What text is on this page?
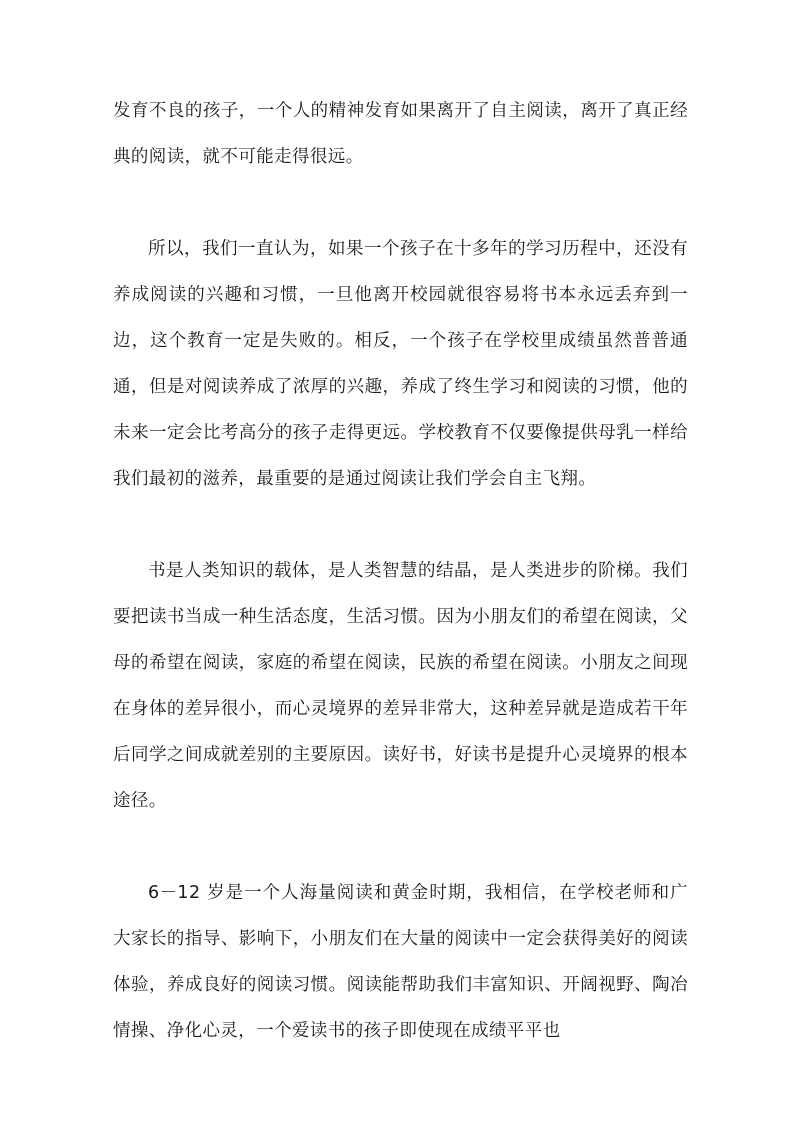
发育不良的孩子，一个人的精神发育如果离开了自主阅读，离开了真正经典的阅读，就不可能走得很远。

所以，我们一直认为，如果一个孩子在十多年的学习历程中，还没有养成阅读的兴趣和习惯，一旦他离开校园就很容易将书本永远丢弃到一边，这个教育一定是失败的。相反，一个孩子在学校里成绩虽然普普通通，但是对阅读养成了浓厚的兴趣，养成了终生学习和阅读的习惯，他的未来一定会比考高分的孩子走得更远。学校教育不仅要像提供母乳一样给我们最初的滋养，最重要的是通过阅读让我们学会自主飞翔。

书是人类知识的载体，是人类智慧的结晶，是人类进步的阶梯。我们要把读书当成一种生活态度，生活习惯。因为小朋友们的希望在阅读，父母的希望在阅读，家庭的希望在阅读，民族的希望在阅读。小朋友之间现在身体的差异很小，而心灵境界的差异非常大，这种差异就是造成若干年后同学之间成就差别的主要原因。读好书，好读书是提升心灵境界的根本途径。

6－12 岁是一个人海量阅读和黄金时期，我相信，在学校老师和广大家长的指导、影响下，小朋友们在大量的阅读中一定会获得美好的阅读体验，养成良好的阅读习惯。阅读能帮助我们丰富知识、开阔视野、陶冶情操、净化心灵，一个爱读书的孩子即使现在成绩平平也
